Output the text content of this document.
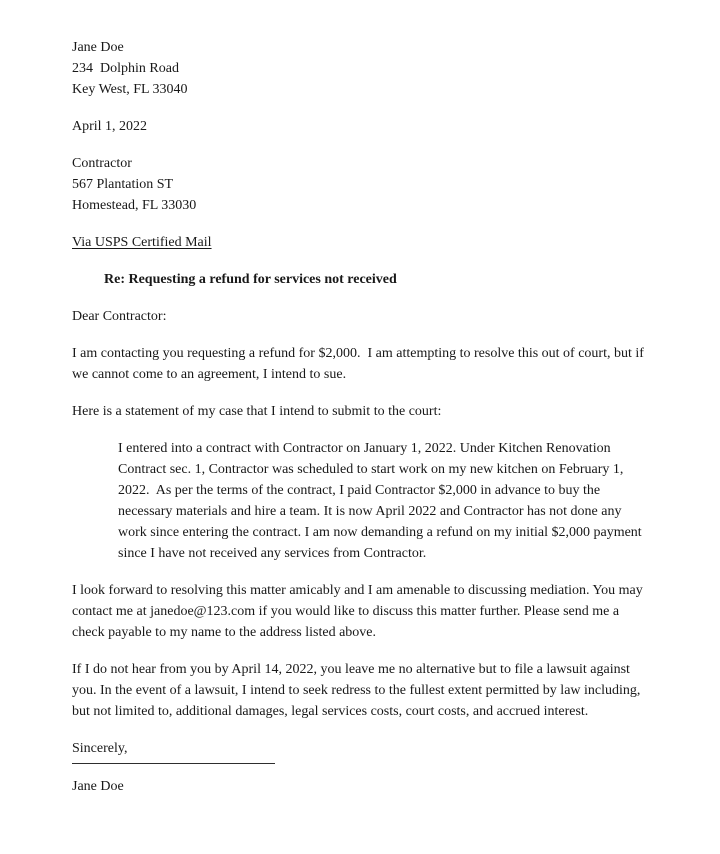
Jane Doe
234  Dolphin Road
Key West, FL 33040
April 1, 2022
Contractor
567 Plantation ST
Homestead, FL 33030
Via USPS Certified Mail
Re: Requesting a refund for services not received
Dear Contractor:

I am contacting you requesting a refund for $2,000.  I am attempting to resolve this out of court, but if we cannot come to an agreement, I intend to sue.

Here is a statement of my case that I intend to submit to the court:

I entered into a contract with Contractor on January 1, 2022. Under Kitchen Renovation Contract sec. 1, Contractor was scheduled to start work on my new kitchen on February 1, 2022.  As per the terms of the contract, I paid Contractor $2,000 in advance to buy the necessary materials and hire a team. It is now April 2022 and Contractor has not done any work since entering the contract. I am now demanding a refund on my initial $2,000 payment since I have not received any services from Contractor.

I look forward to resolving this matter amicably and I am amenable to discussing mediation. You may contact me at janedoe@123.com if you would like to discuss this matter further. Please send me a check payable to my name to the address listed above.

If I do not hear from you by April 14, 2022, you leave me no alternative but to file a lawsuit against you. In the event of a lawsuit, I intend to seek redress to the fullest extent permitted by law including, but not limited to, additional damages, legal services costs, court costs, and accrued interest.

Sincerely,
Jane Doe
